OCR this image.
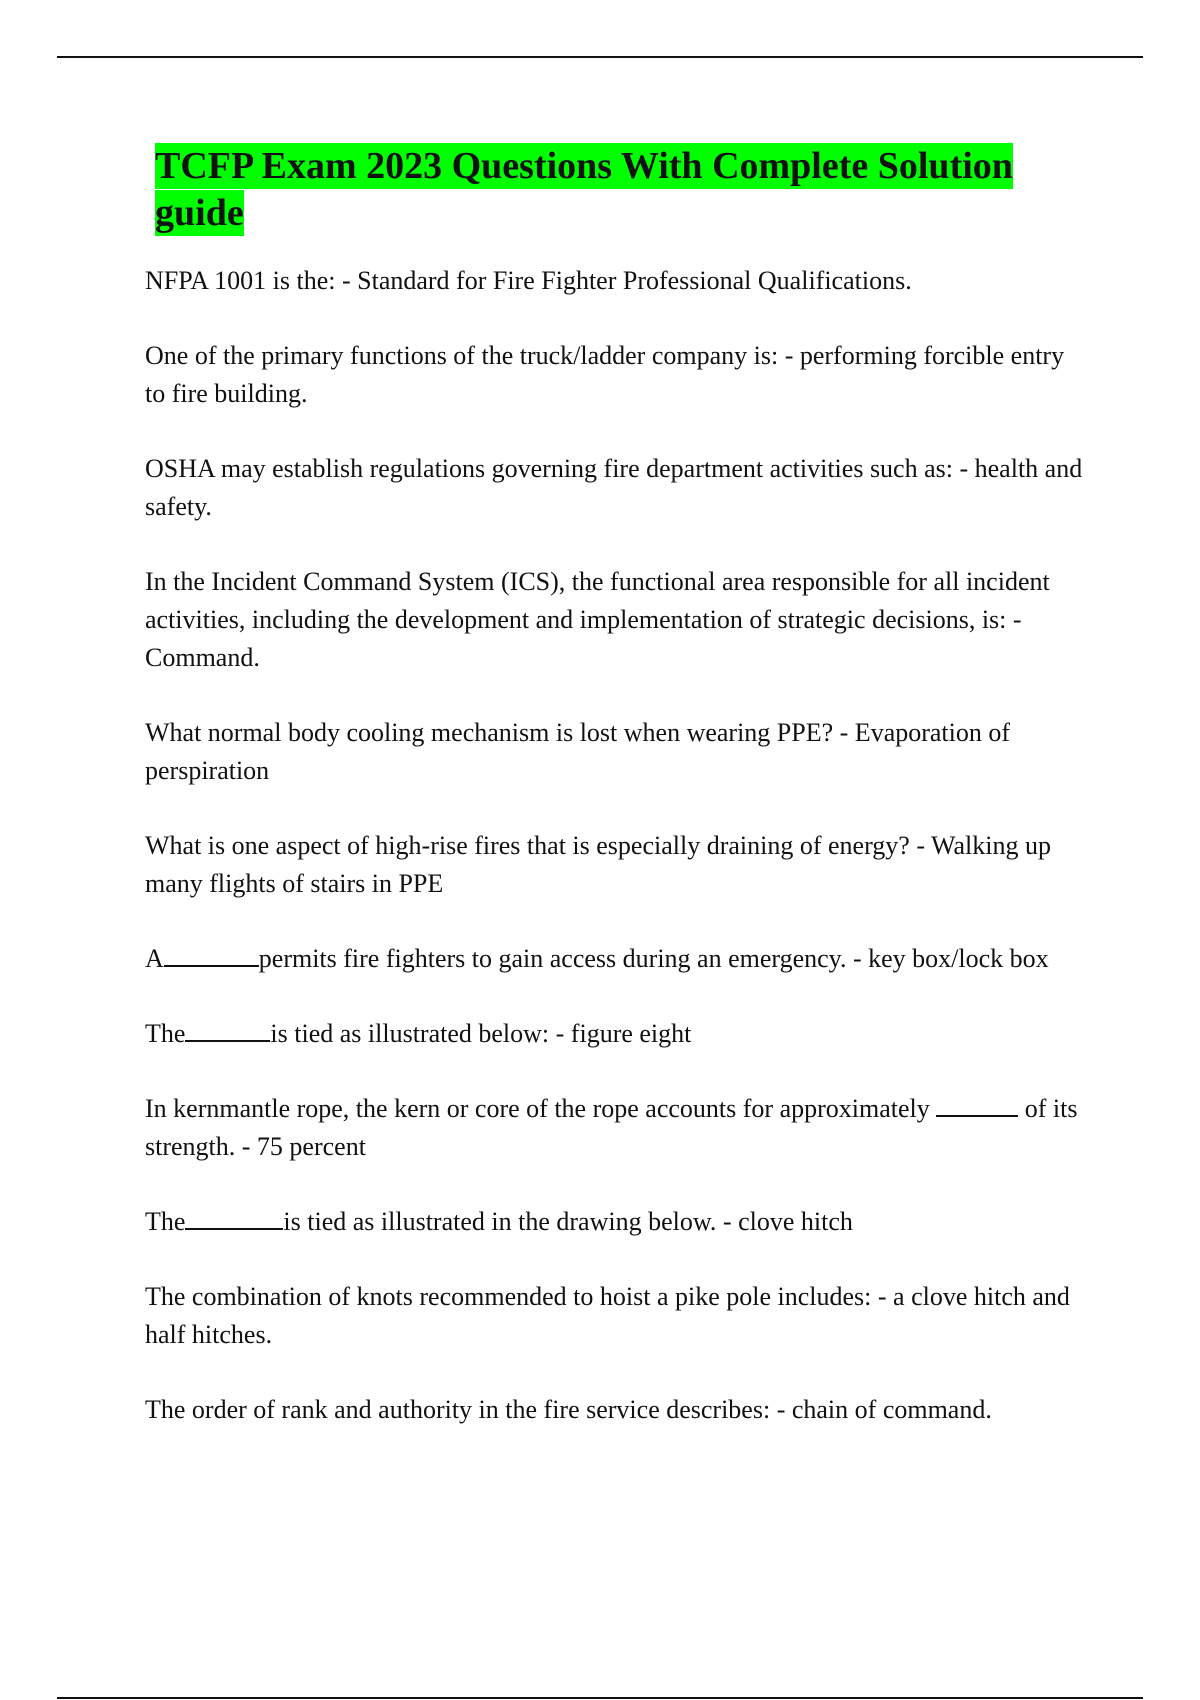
TCFP Exam 2023 Questions With Complete Solution guide

NFPA 1001 is the: - Standard for Fire Fighter Professional Qualifications.

One of the primary functions of the truck/ladder company is: - performing forcible entry to fire building.

OSHA may establish regulations governing fire department activities such as: - health and safety.

In the Incident Command System (ICS), the functional area responsible for all incident activities, including the development and implementation of strategic decisions, is: - Command.

What normal body cooling mechanism is lost when wearing PPE? - Evaporation of perspiration

What is one aspect of high-rise fires that is especially draining of energy? - Walking up many flights of stairs in PPE

A	permits fire fighters to gain access during an emergency. - key box/lock box

The	is tied as illustrated below: - figure eight

In kernmantle rope, the kern or core of the rope accounts for approximately	of its strength. - 75 percent

The	is tied as illustrated in the drawing below. - clove hitch

The combination of knots recommended to hoist a pike pole includes: - a clove hitch and half hitches.

The order of rank and authority in the fire service describes: - chain of command.
